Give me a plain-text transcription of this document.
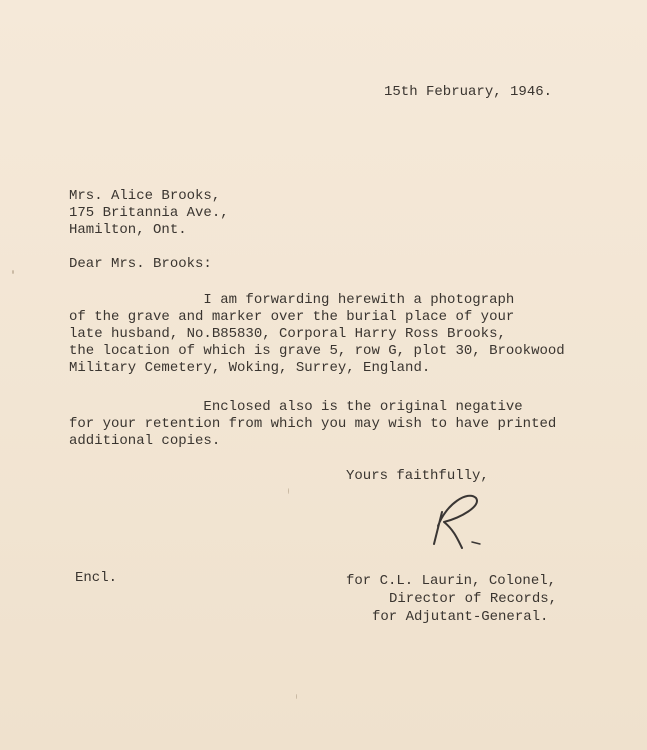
15th February, 1946.
Mrs. Alice Brooks,
175 Britannia Ave.,
Hamilton, Ont.
Dear Mrs. Brooks:
I am forwarding herewith a photograph
of the grave and marker over the burial place of your
late husband, No.B85830, Corporal Harry Ross Brooks,
the location of which is grave 5, row G, plot 30, Brookwood
Military Cemetery, Woking, Surrey, England.
Enclosed also is the original negative
for your retention from which you may wish to have printed
additional copies.
Yours faithfully,
Encl.	for C.L. Laurin, Colonel,
Director of Records,
for Adjutant-General.
